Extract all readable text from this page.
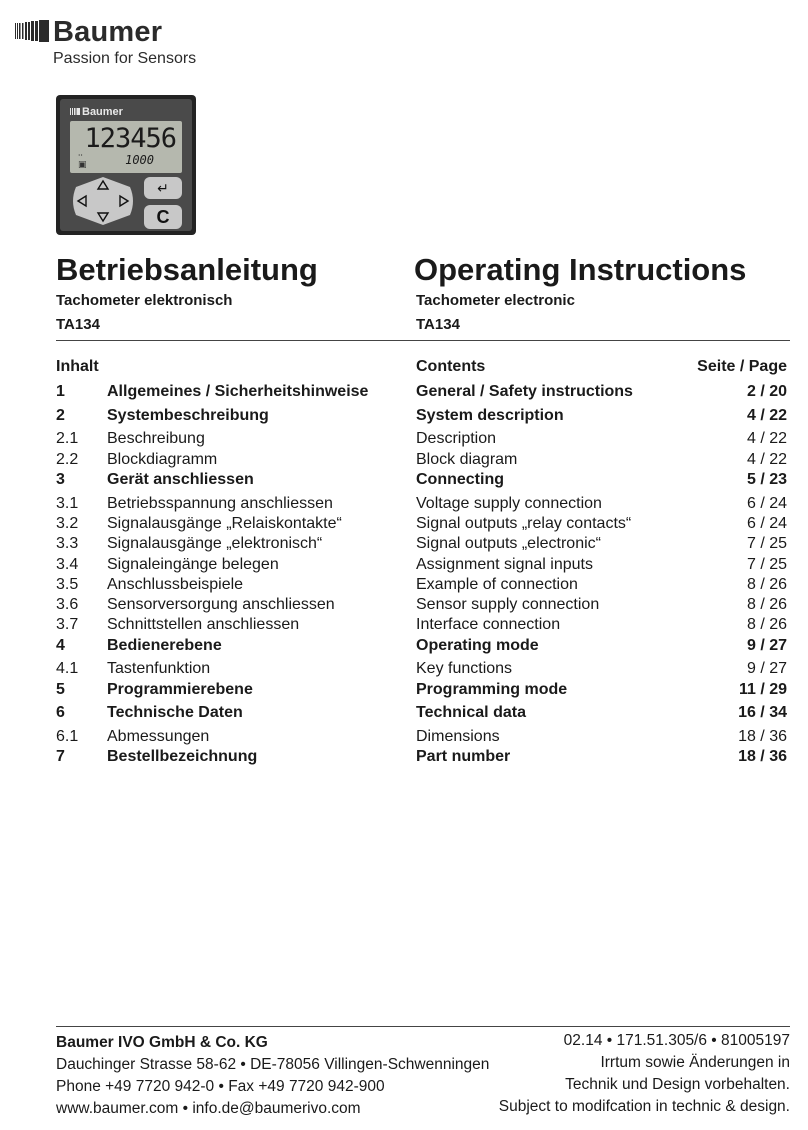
Baumer
Passion for Sensors
Baumer
123456
⸱⸱
▣	1000
↵
C
Betriebsanleitung	Operating Instructions
Tachometer elektronisch	Tachometer electronic
TA134	TA134
Inhalt	Contents	Seite / Page
1	Allgemeines / Sicherheitshinweise	General / Safety instructions	2 / 20
2	Systembeschreibung	System description	4 / 22
2.1 Beschreibung	Description	4 / 22
2.2 Blockdiagramm	Block diagram	4 / 22
3	Gerät anschliessen	Connecting	5 / 23
3.1 Betriebsspannung anschliessen	Voltage supply connection	6 / 24
3.2 Signalausgänge „Relaiskontakte“	Signal outputs „relay contacts“	6 / 24
3.3 Signalausgänge „elektronisch“	Signal outputs „electronic“	7 / 25
3.4 Signaleingänge belegen	Assignment signal inputs	7 / 25
3.5 Anschlussbeispiele	Example of connection	8 / 26
3.6 Sensorversorgung anschliessen	Sensor supply connection	8 / 26
3.7 Schnittstellen anschliessen	Interface connection	8 / 26
4	Bedienerebene	Operating mode	9 / 27
4.1 Tastenfunktion	Key functions	9 / 27
5	Programmierebene	Programming mode	11 / 29
6	Technische Daten	Technical data	16 / 34
6.1 Abmessungen	Dimensions	18 / 36
7	Bestellbezeichnung	Part number	18 / 36
Baumer IVO GmbH & Co. KG
Dauchinger Strasse 58-62 • DE-78056 Villingen-Schwenningen
Phone +49 7720 942-0 • Fax +49 7720 942-900
www.baumer.com • info.de@baumerivo.com
02.14 • 171.51.305/6 • 81005197
Irrtum sowie Änderungen in
Technik und Design vorbehalten.
Subject to modifcation in technic & design.
